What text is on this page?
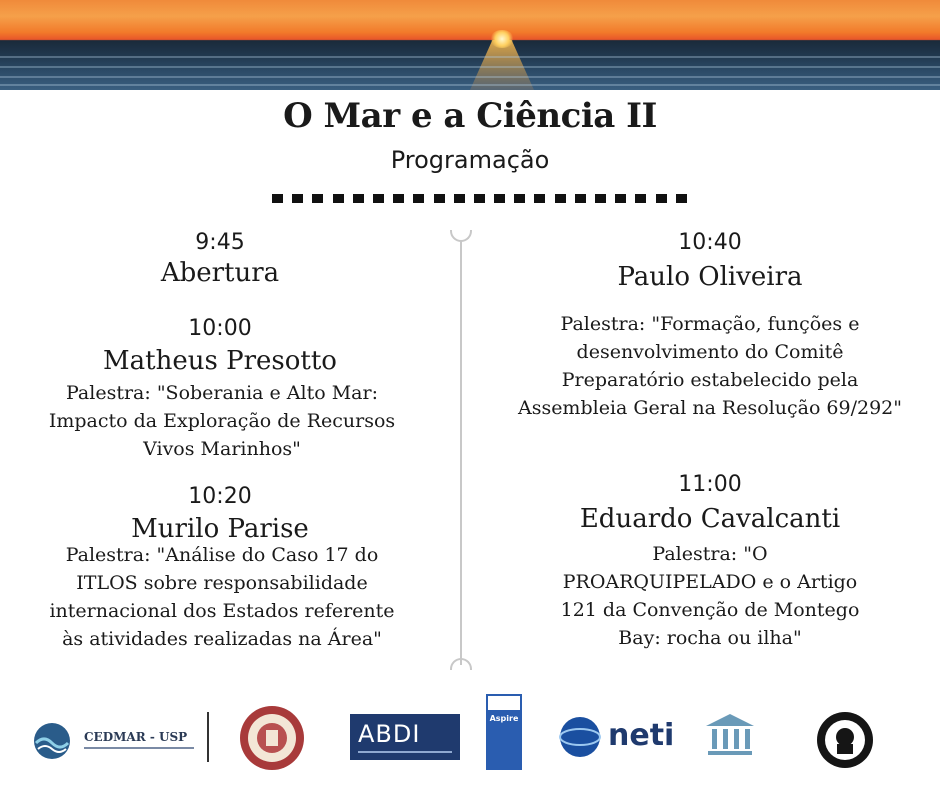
O Mar e a Ciência II
Programação
9:45
Abertura
10:00
Matheus Presotto
Palestra: "Soberania e Alto Mar:
Impacto da Exploração de Recursos
Vivos Marinhos"
10:20
Murilo Parise
Palestra: "Análise do Caso 17 do
ITLOS sobre responsabilidade
internacional dos Estados referente
às atividades realizadas na Área"
10:40
Paulo Oliveira
Palestra: "Formação, funções e
desenvolvimento do Comitê
Preparatório estabelecido pela
Assembleia Geral na Resolução 69/292"
11:00
Eduardo Cavalcanti
Palestra: "O
PROARQUIPELADO e o Artigo
121 da Convenção de Montego
Bay: rocha ou ilha"
CEDMAR - USP	ABDI
Aspire	neti
